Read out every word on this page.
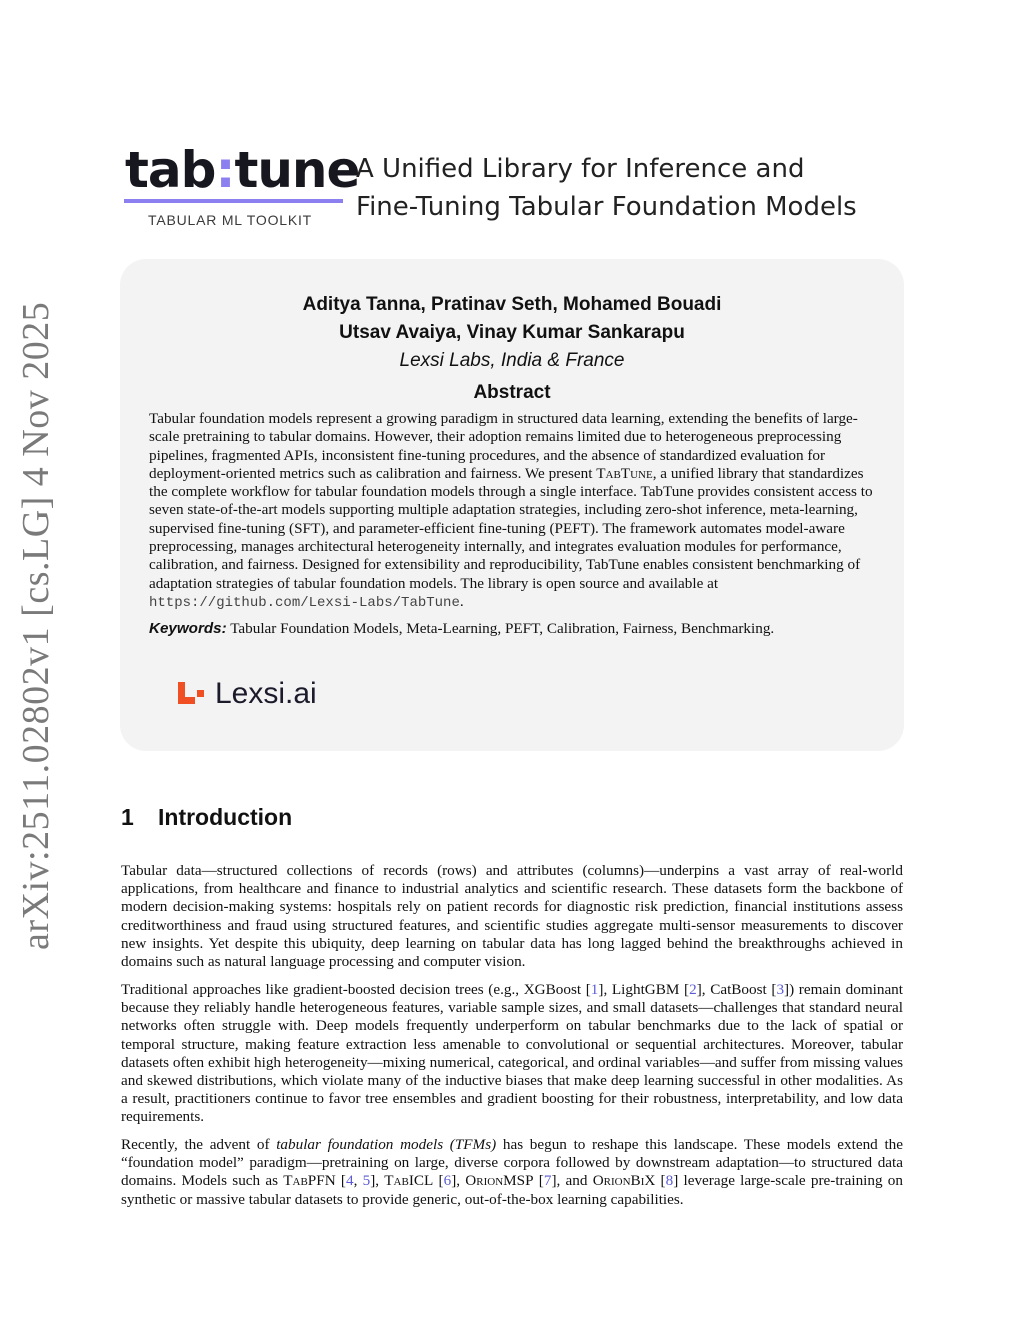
arXiv:2511.02802v1 [cs.LG] 4 Nov 2025
tab:tune
TABULAR ML TOOLKIT
A Unified Library for Inference and
Fine-Tuning Tabular Foundation Models
Aditya Tanna, Pratinav Seth, Mohamed Bouadi
Utsav Avaiya, Vinay Kumar Sankarapu
Lexsi Labs, India & France
Abstract

Tabular foundation models represent a growing paradigm in structured data learning, extending the benefits of large-scale pretraining to tabular domains. However, their adoption remains limited due to heterogeneous preprocessing pipelines, fragmented APIs, inconsistent fine-tuning procedures, and the absence of standardized evaluation for deployment-oriented metrics such as calibration and fairness. We present TabTune, a unified library that standardizes the complete workflow for tabular foundation models through a single interface. TabTune provides consistent access to seven state-of-the-art models supporting multiple adaptation strategies, including zero-shot inference, meta-learning, supervised fine-tuning (SFT), and parameter-efficient fine-tuning (PEFT). The framework automates model-aware preprocessing, manages architectural heterogeneity internally, and integrates evaluation modules for performance, calibration, and fairness. Designed for extensibility and reproducibility, TabTune enables consistent benchmarking of adaptation strategies of tabular foundation models. The library is open source and available at https://github.com/Lexsi-Labs/TabTune.

Keywords: Tabular Foundation Models, Meta-Learning, PEFT, Calibration, Fairness, Benchmarking.

Lexsi.ai
1 Introduction

Tabular data—structured collections of records (rows) and attributes (columns)—underpins a vast array of real-world applications, from healthcare and finance to industrial analytics and scientific research. These datasets form the backbone of modern decision-making systems: hospitals rely on patient records for diagnostic risk prediction, financial institutions assess creditworthiness and fraud using structured features, and scientific studies aggregate multi-sensor measurements to discover new insights. Yet despite this ubiquity, deep learning on tabular data has long lagged behind the breakthroughs achieved in domains such as natural language processing and computer vision.

Traditional approaches like gradient-boosted decision trees (e.g., XGBoost [1], LightGBM [2], CatBoost [3]) remain dominant because they reliably handle heterogeneous features, variable sample sizes, and small datasets—challenges that standard neural networks often struggle with. Deep models frequently underperform on tabular benchmarks due to the lack of spatial or temporal structure, making feature extraction less amenable to convolutional or sequential architectures. Moreover, tabular datasets often exhibit high heterogeneity—mixing numerical, categorical, and ordinal variables—and suffer from missing values and skewed distributions, which violate many of the inductive biases that make deep learning successful in other modalities. As a result, practitioners continue to favor tree ensembles and gradient boosting for their robustness, interpretability, and low data requirements.

Recently, the advent of tabular foundation models (TFMs) has begun to reshape this landscape. These models extend the “foundation model” paradigm—pretraining on large, diverse corpora followed by downstream adaptation—to structured data domains. Models such as TabPFN [4, 5], TabICL [6], OrionMSP [7], and OrionBiX [8] leverage large-scale pre-training on synthetic or massive tabular datasets to provide generic, out-of-the-box learning capabilities.
